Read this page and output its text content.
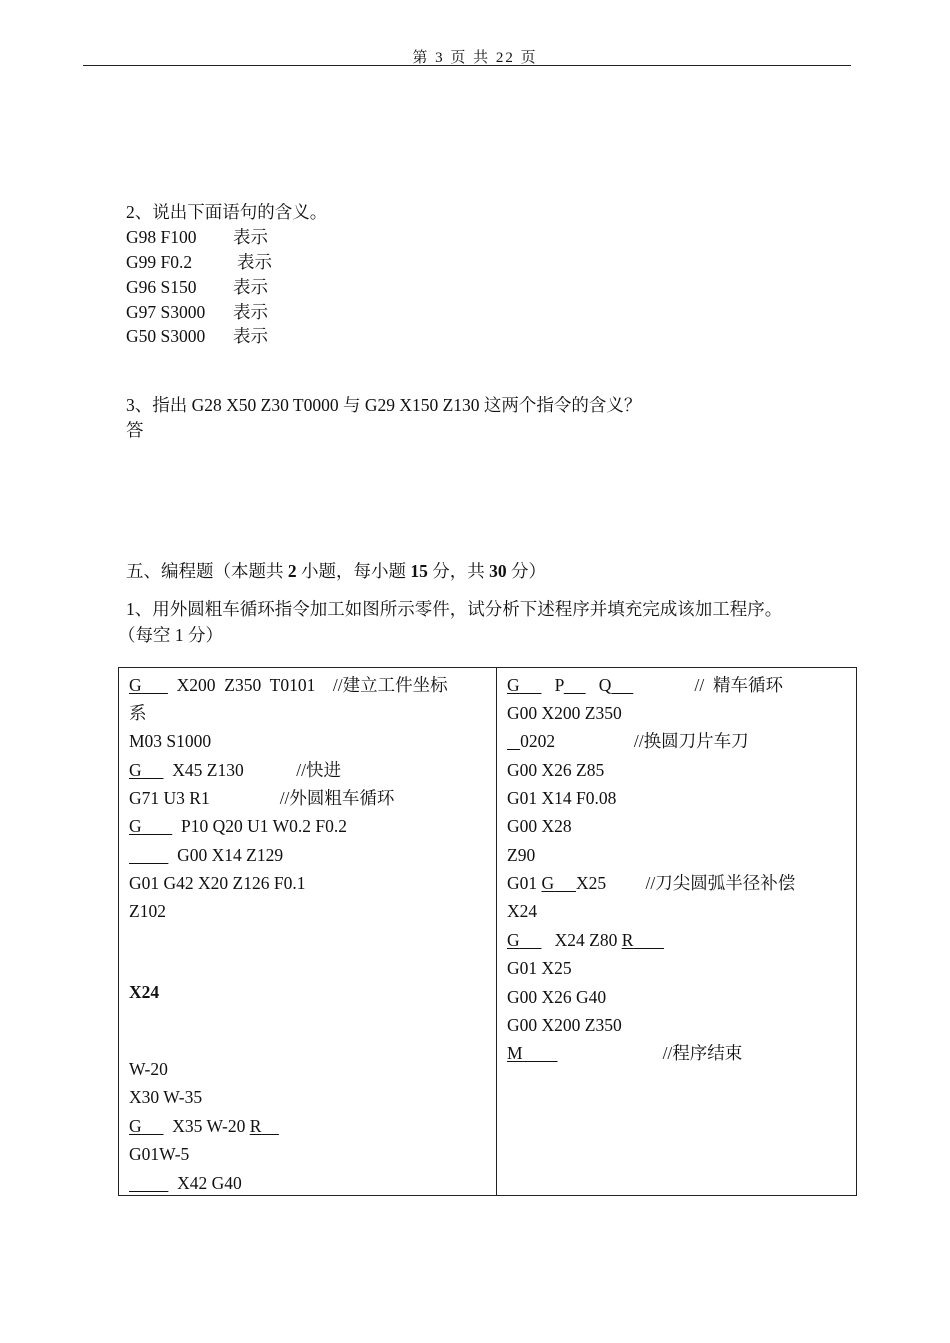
第 3 页 共 22 页
2、说出下面语句的含义。
G98 F100 表示
G99 F0.2	表示
G96 S150 表示
G97 S3000 表示
G50 S3000 表示
3、指出 G28 X50 Z30 T0000 与 G29 X150 Z130 这两个指令的含义？
答
五、编程题（本题共 2 小题，每小题 15 分，共 30 分）
1、用外圆粗车循环指令加工如图所示零件，试分析下述程序并填充完成该加工程序。
（每空 1 分）
G X200  Z350  T0101    //建立工件坐标
系
M03 S1000
G X45 Z130            //快进
G71 U3 R1                //外圆粗车循环
G P10 Q20 U1 W0.2 F0.2
G00 X14 Z129
G01 G42 X20 Z126 F0.1
Z102
X24
W-20
X30 W-35
G X35 W-20 R
G01W-5
X42 G40
G P Q	//  精车循环
G00 X200 Z350
0202	//换圆刀片车刀
G00 X26 Z85
G01 X14 F0.08
G00 X28
Z90
G01 G X25 //刀尖圆弧半径补偿
X24
G X24 Z80 R
G01 X25
G00 X26 G40
G00 X200 Z350
M	//程序结束
